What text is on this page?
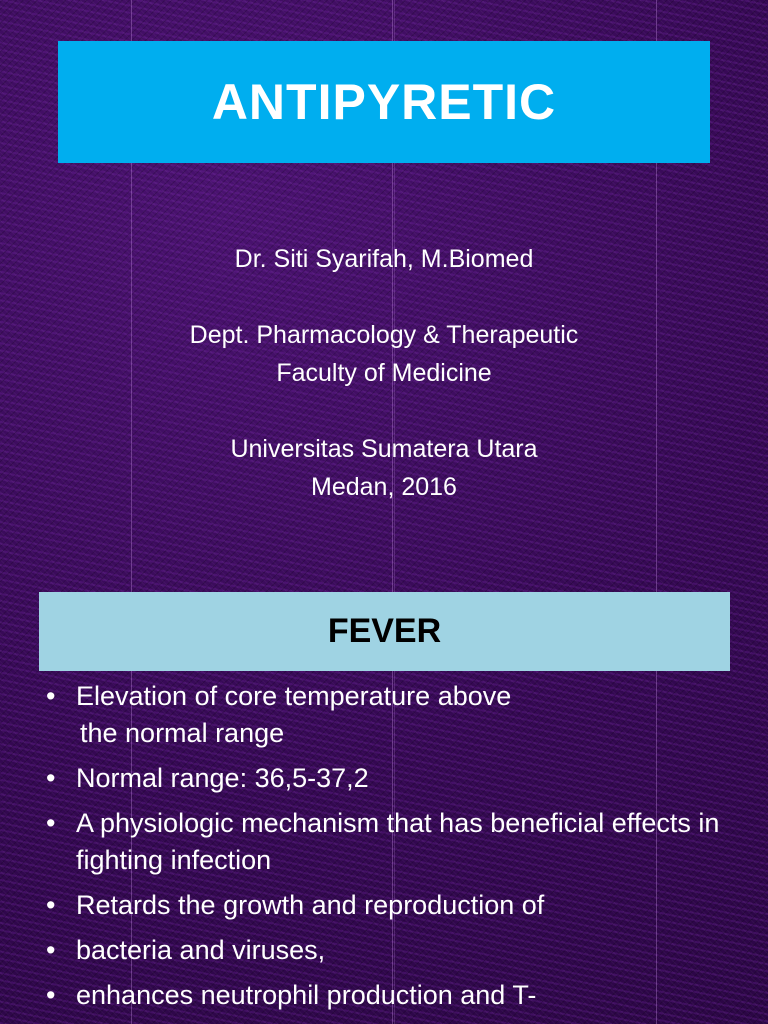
ANTIPYRETIC
Dr. Siti Syarifah, M.Biomed
Dept. Pharmacology & Therapeutic
Faculty of Medicine
Universitas Sumatera Utara
Medan, 2016
FEVER
• Elevation of core temperature above
the normal range
• Normal range: 36,5-37,2
• A physiologic mechanism that has beneficial effects in fighting infection
• Retards the growth and reproduction of
• bacteria and viruses,
• enhances neutrophil production and T-
